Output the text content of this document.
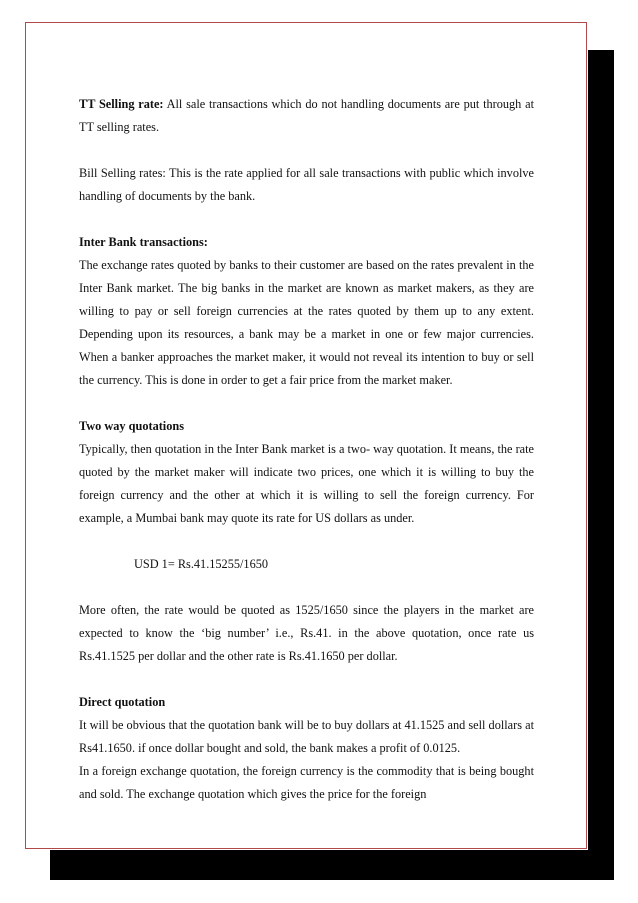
TT Selling rate: All sale transactions which do not handling documents are put through at TT selling rates.

Bill Selling rates: This is the rate applied for all sale transactions with public which involve handling of documents by the bank.

Inter Bank transactions:

The exchange rates quoted by banks to their customer are based on the rates prevalent in the Inter Bank market. The big banks in the market are known as market makers, as they are willing to pay or sell foreign currencies at the rates quoted by them up to any extent. Depending upon its resources, a bank may be a market in one or few major currencies. When a banker approaches the market maker, it would not reveal its intention to buy or sell the currency. This is done in order to get a fair price from the market maker.

Two way quotations

Typically, then quotation in the Inter Bank market is a two- way quotation. It means, the rate quoted by the market maker will indicate two prices, one which it is willing to buy the foreign currency and the other at which it is willing to sell the foreign currency. For example, a Mumbai bank may quote its rate for US dollars as under.

USD 1= Rs.41.15255/1650

More often, the rate would be quoted as 1525/1650 since the players in the market are expected to know the ‘big number’ i.e., Rs.41. in the above quotation, once rate us Rs.41.1525 per dollar and the other rate is Rs.41.1650 per dollar.

Direct quotation

It will be obvious that the quotation bank will be to buy dollars at 41.1525 and sell dollars at Rs41.1650. if once dollar bought and sold, the bank makes a profit of 0.0125.

In a foreign exchange quotation, the foreign currency is the commodity that is being bought and sold. The exchange quotation which gives the price for the foreign
